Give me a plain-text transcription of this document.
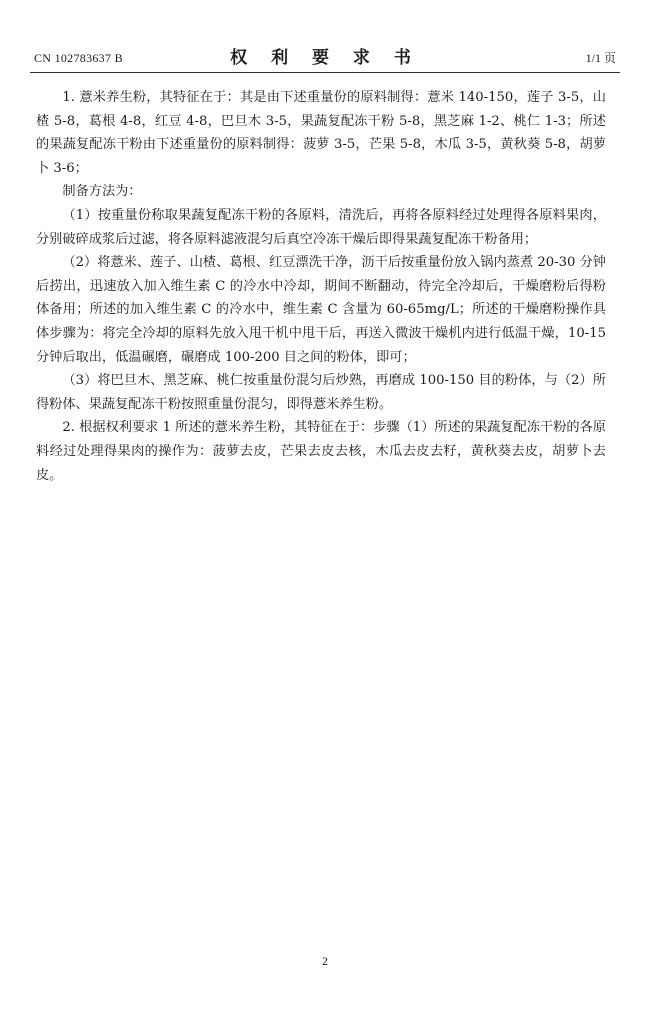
CN 102783637 B	权 利 要 求 书	1/1 页

1. 薏米养生粉，其特征在于：其是由下述重量份的原料制得：薏米 140-150，莲子 3-5，山楂 5-8，葛根 4-8，红豆 4-8，巴旦木 3-5，果蔬复配冻干粉 5-8，黑芝麻 1-2、桃仁 1-3；所述的果蔬复配冻干粉由下述重量份的原料制得：菠萝 3-5，芒果 5-8，木瓜 3-5，黄秋葵 5-8，胡萝卜 3-6；

制备方法为：

（1）按重量份称取果蔬复配冻干粉的各原料，清洗后，再将各原料经过处理得各原料果肉，分别破碎成浆后过滤，将各原料滤液混匀后真空冷冻干燥后即得果蔬复配冻干粉备用；

（2）将薏米、莲子、山楂、葛根、红豆漂洗干净，沥干后按重量份放入锅内蒸煮 20-30 分钟后捞出，迅速放入加入维生素 C 的冷水中冷却，期间不断翻动，待完全冷却后，干燥磨粉后得粉体备用；所述的加入维生素 C 的冷水中，维生素 C 含量为 60-65mg/L；所述的干燥磨粉操作具体步骤为：将完全冷却的原料先放入甩干机中甩干后，再送入微波干燥机内进行低温干燥，10-15 分钟后取出，低温碾磨，碾磨成 100-200 目之间的粉体，即可；

（3）将巴旦木、黑芝麻、桃仁按重量份混匀后炒熟，再磨成 100-150 目的粉体，与（2）所得粉体、果蔬复配冻干粉按照重量份混匀，即得薏米养生粉。

2. 根据权利要求 1 所述的薏米养生粉，其特征在于：步骤（1）所述的果蔬复配冻干粉的各原料经过处理得果肉的操作为：菠萝去皮，芒果去皮去核，木瓜去皮去籽，黄秋葵去皮，胡萝卜去皮。

2
